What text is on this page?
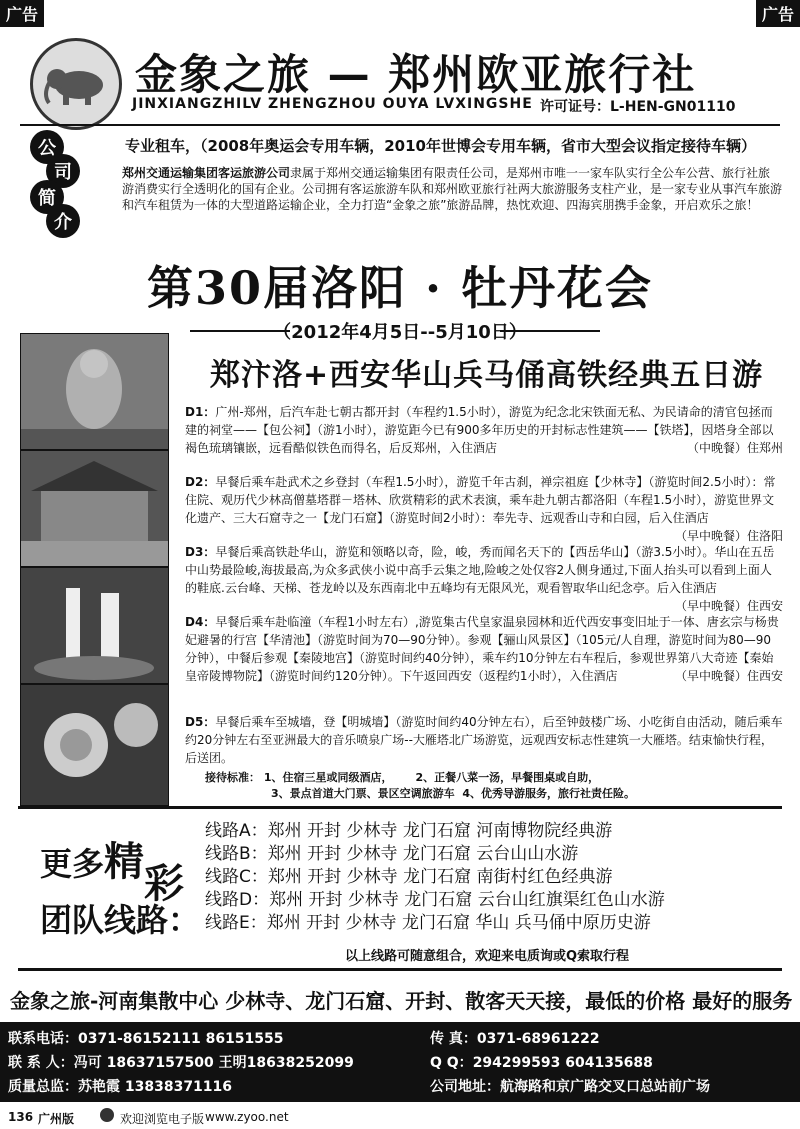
广告	广告
金象之旅 — 郑州欧亚旅行社
JINXIANGZHILV ZHENGZHOU OUYA LVXINGSHE 许可证号：L-HEN-GN01110
公
司
简
介
专业租车，（2008年奥运会专用车辆，2010年世博会专用车辆，省市大型会议指定接待车辆）
郑州交通运输集团客运旅游公司隶属于郑州交通运输集团有限责任公司，是郑州市唯一一家车队实行全公车公营、旅行社旅游消费实行全透明化的国有企业。公司拥有客运旅游车队和郑州欧亚旅行社两大旅游服务支柱产业，是一家专业从事汽车旅游和汽车租赁为一体的大型道路运输企业，全力打造“金象之旅”旅游品牌，热忱欢迎、四海宾朋携手金象，开启欢乐之旅！
第30届洛阳 · 牡丹花会
（2012年4月5日--5月10日）
郑汴洛+西安华山兵马俑高铁经典五日游
D1：广州-郑州，后汽车赴七朝古都开封（车程约1.5小时），游览为纪念北宋铁面无私、为民请命的清官包拯而建的祠堂——【包公祠】（游1小时），游览距今已有900多年历史的开封标志性建筑——【铁塔】，因塔身全部以褐色琉璃镶嵌，远看酷似铁色而得名，后反郑州，入住酒店	（中晚餐）住郑州
D2：早餐后乘车赴武术之乡登封（车程1.5小时），游览千年古刹，禅宗祖庭【少林寺】（游览时间2.5小时）：常住院、观历代少林高僧墓塔群－塔林、欣赏精彩的武术表演，乘车赴九朝古都洛阳（车程1.5小时），游览世界文化遗产、三大石窟寺之一【龙门石窟】（游览时间2小时）：奉先寺、远观香山寺和白园，后入住酒店
（早中晚餐）住洛阳
D3：早餐后乘高铁赴华山，游览和领略以奇，险，峻，秀而闻名天下的【西岳华山】（游3.5小时）。华山在五岳中山势最险峻,海拔最高,为众多武侠小说中高手云集之地,险峻之处仅容2人侧身通过,下面人抬头可以看到上面人的鞋底.云台峰、天梯、苍龙岭以及东西南北中五峰均有无限风光，观看智取华山纪念亭。后入住酒店
（早中晚餐）住西安
D4：早餐后乘车赴临潼（车程1小时左右）,游览集古代皇家温泉园林和近代西安事变旧址于一体、唐玄宗与杨贵妃避暑的行宫【华清池】（游览时间为70—90分钟）。参观【骊山风景区】（105元/人自理，游览时间为80—90分钟），中餐后参观【秦陵地宫】（游览时间约40分钟），乘车约10分钟左右车程后，参观世界第八大奇迹【秦始皇帝陵博物院】（游览时间约120分钟）。下午返回西安（返程约1小时），入住酒店	（早中晚餐）住西安
D5：早餐后乘车至城墙，登【明城墙】（游览时间约40分钟左右），后至钟鼓楼广场、小吃街自由活动，随后乘车约20分钟左右至亚洲最大的音乐喷泉广场--大雁塔北广场游览，远观西安标志性建筑一大雁塔。结束愉快行程，后送团。
接待标准： 1、住宿三星或同级酒店， 2、正餐八菜一汤，早餐围桌或自助，
3、景点首道大门票、景区空调旅游车 4、优秀导游服务，旅行社责任险。
更多精彩
团队线路：
线路A：郑州 开封 少林寺 龙门石窟 河南博物院经典游
线路B：郑州 开封 少林寺 龙门石窟 云台山山水游
线路C：郑州 开封 少林寺 龙门石窟 南街村红色经典游
线路D：郑州 开封 少林寺 龙门石窟 云台山红旗渠红色山水游
线路E：郑州 开封 少林寺 龙门石窟 华山 兵马俑中原历史游
以上线路可随意组合，欢迎来电质询或Q索取行程
金象之旅-河南集散中心 少林寺、龙门石窟、开封、散客天天接，最低的价格 最好的服务
联系电话：0371-86152111 86151555	传 真：0371-68961222
联 系 人：冯可 18637157500 王明18638252099	Q Q：294299593 604135688
质量总监：苏艳霞 13838371116	公司地址：航海路和京广路交叉口总站前广场
136 广州版	欢迎浏览电子版 www.zyoo.net
